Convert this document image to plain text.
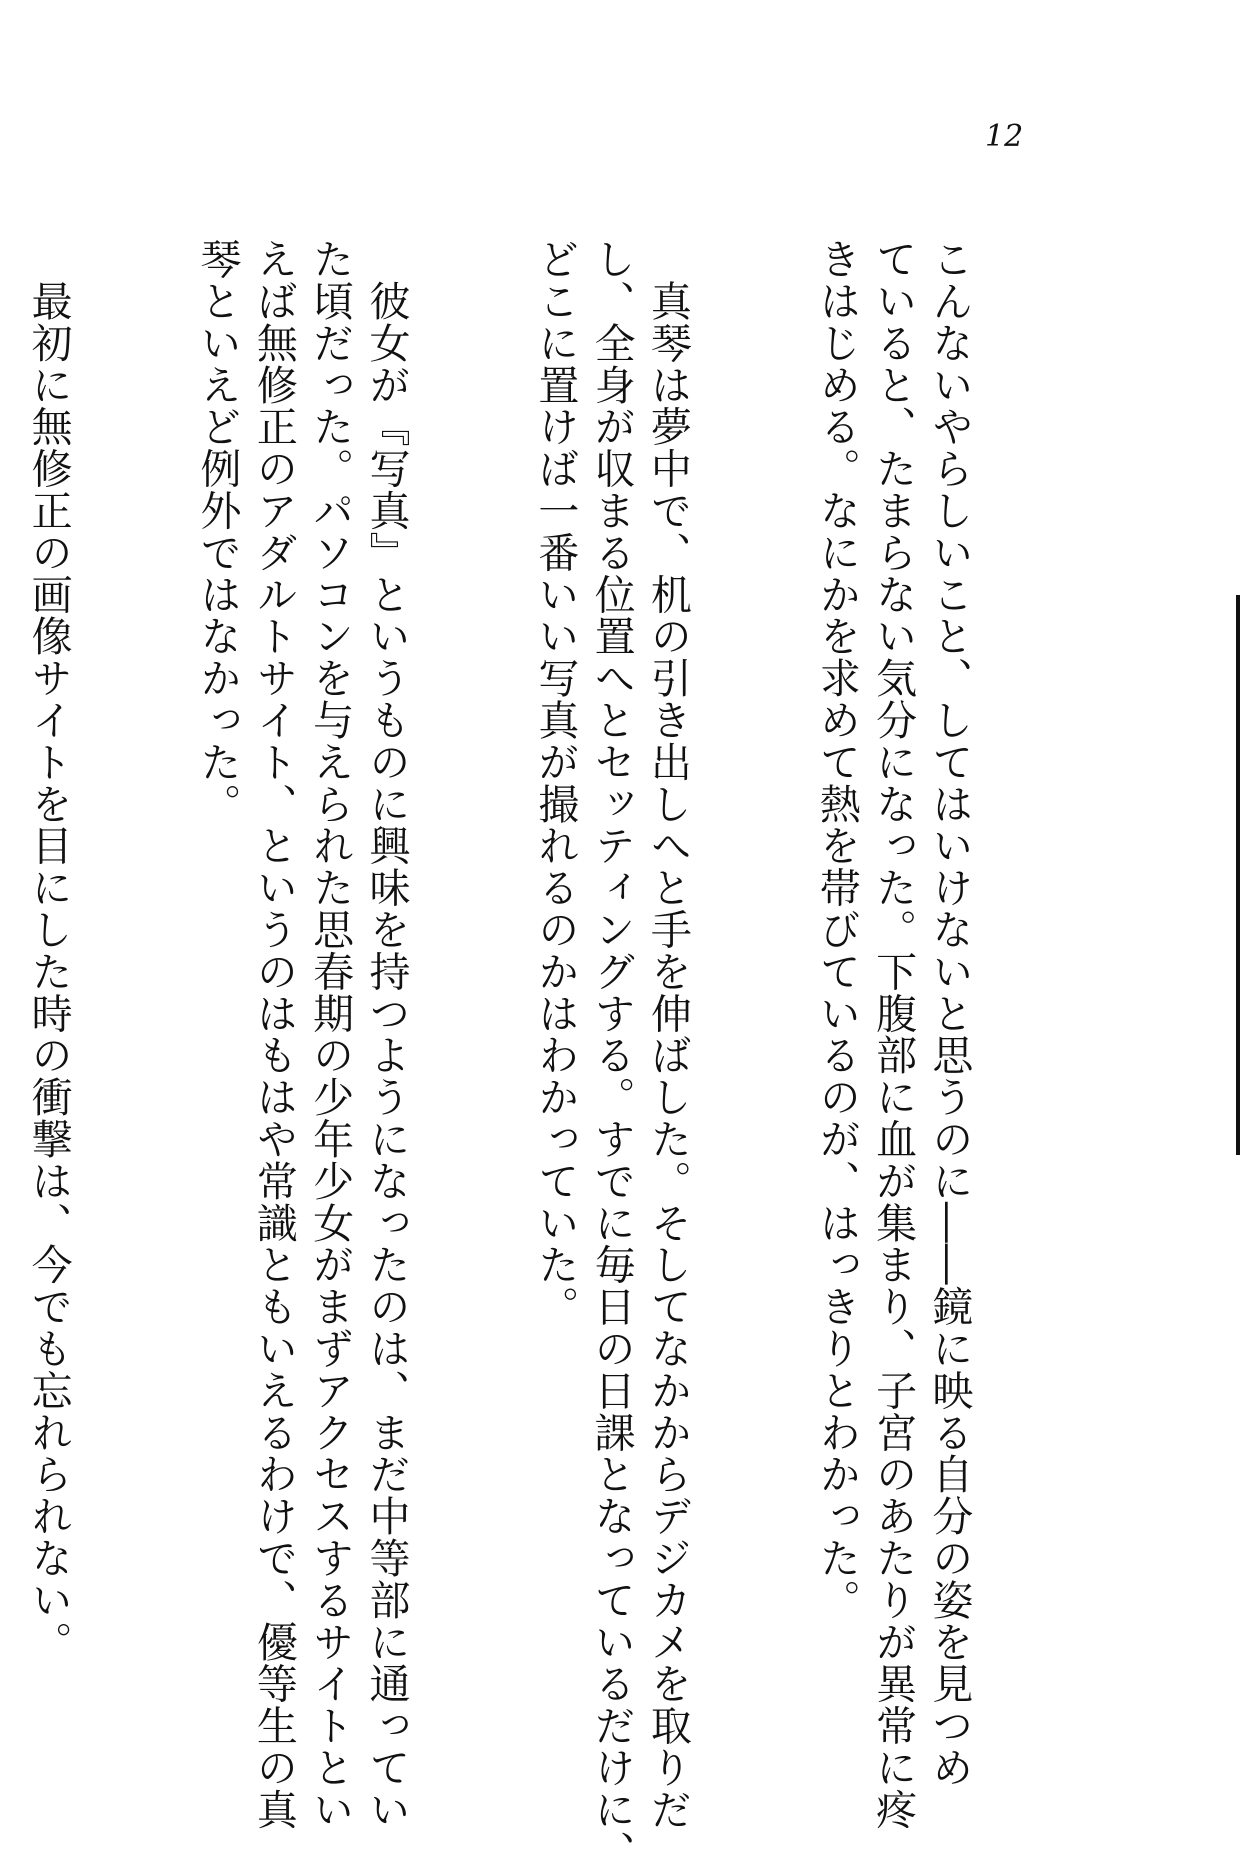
12

こんないやらしいこと、してはいけないと思うのに――鏡に映る自分の姿を見つめ
ていると、たまらない気分になった。下腹部に血が集まり、子宮のあたりが異常に疼
きはじめる。なにかを求めて熱を帯びているのが、はっきりとわかった。

　真琴は夢中で、机の引き出しへと手を伸ばした。そしてなかからデジカメを取りだ
し、全身が収まる位置へとセッティングする。すでに毎日の日課となっているだけに、
どこに置けば一番いい写真が撮れるのかはわかっていた。

　彼女が『写真』というものに興味を持つようになったのは、まだ中等部に通ってい
た頃だった。パソコンを与えられた思春期の少年少女がまずアクセスするサイトとい
えば無修正のアダルトサイト、というのはもはや常識ともいえるわけで、優等生の真
琴といえど例外ではなかった。

　最初に無修正の画像サイトを目にした時の衝撃は、今でも忘れられない。
